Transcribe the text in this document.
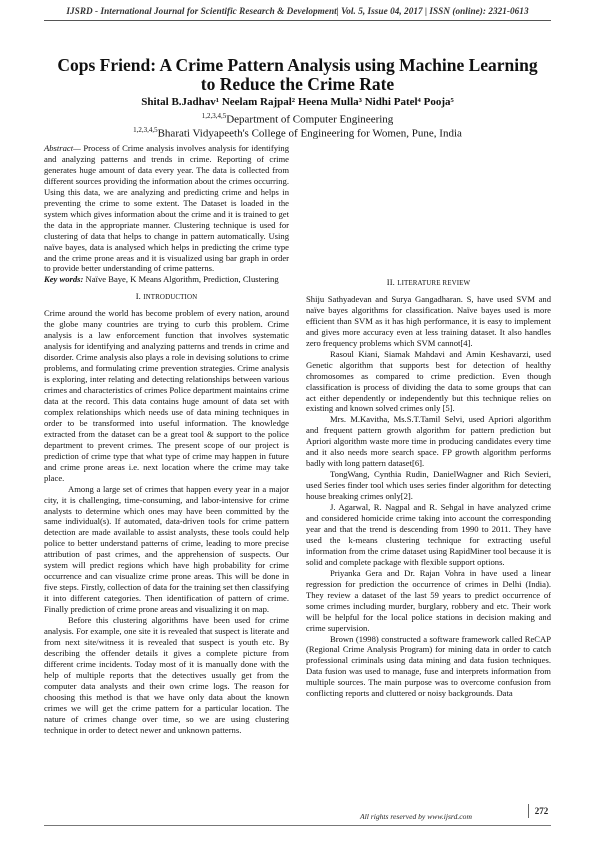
IJSRD - International Journal for Scientific Research & Development| Vol. 5, Issue 04, 2017 | ISSN (online): 2321-0613
Cops Friend: A Crime Pattern Analysis using Machine Learning to Reduce the Crime Rate
Shital B.Jadhav¹ Neelam Rajpal² Heena Mulla³ Nidhi Patel⁴ Pooja⁵
$^{1,2,3,4,5}$Department of Computer Engineering
$^{1,2,3,4,5}$Bharati Vidyapeeth's College of Engineering for Women, Pune, India

Abstract— Process of Crime analysis involves analysis for identifying and analyzing patterns and trends in crime. Reporting of crime generates huge amount of data every year. The data is collected from different sources providing the information about the crimes occurring. Using this data, we are analyzing and predicting crime and helps in preventing the crime to some extent. The Dataset is loaded in the system which gives information about the crime and it is trained to get the data in the appropriate manner. Clustering technique is used for clustering of data that helps to change in pattern automatically. Using naïve bayes, data is analysed which helps in predicting the crime type and the crime prone areas and it is visualized using bar graph in order to provide better understanding of crime patterns.

Key words: Naïve Baye, K Means Algorithm, Prediction, Clustering

I. INTRODUCTION

Crime around the world has become problem of every nation, around the globe many countries are trying to curb this problem. Crime analysis is a law enforcement function that involves systematic analysis for identifying and analyzing patterns and trends in crime and disorder. Crime analysis also plays a role in devising solutions to crime problems, and formulating crime prevention strategies. Crime analysis is exploring, inter relating and detecting relationships between various crimes and characteristics of crimes Police department maintains crime data at the record. This data contains huge amount of data set with complex relationships which needs use of data mining techniques in order to be transformed into useful information. The knowledge extracted from the dataset can be a great tool & support to the police department to prevent crimes. The present scope of our project is prediction of crime type that what type of crime may happen in future and crime prone areas i.e. next location where the crime may take place.

Among a large set of crimes that happen every year in a major city, it is challenging, time-consuming, and labor-intensive for crime analysts to determine which ones may have been committed by the same individual(s). If automated, data-driven tools for crime pattern detection are made available to assist analysts, these tools could help police to better understand patterns of crime, leading to more precise attribution of past crimes, and the apprehension of suspects. Our system will predict regions which have high probability for crime occurrence and can visualize crime prone areas. This will be done in five steps. Firstly, collection of data for the training set then classifying it into different categories. Then identification of pattern of crime. Finally prediction of crime prone areas and visualizing it on map.

Before this clustering algorithms have been used for crime analysis. For example, one site it is revealed that suspect is literate and from next site/witness it is revealed that suspect is youth etc. By describing the offender details it gives a complete picture from different crime incidents. Today most of it is manually done with the help of multiple reports that the detectives usually get from the computer data analysts and their own crime logs. The reason for choosing this method is that we have only data about the known crimes we will get the crime pattern for a particular location. The nature of crimes change over time, so we are using clustering technique in order to detect newer and unknown patterns.

II. LITERATURE REVIEW

Shiju Sathyadevan and Surya Gangadharan. S, have used SVM and naïve bayes algorithms for classification. Naïve bayes used is more efficient than SVM as it has high performance, it is easy to implement and gives more accuracy even at less training dataset. It also handles zero frequency problems which SVM cannot[4].

Rasoul Kiani, Siamak Mahdavi and Amin Keshavarzi, used Genetic algorithm that supports best for detection of healthy chromosomes as compared to crime prediction. Even though classification is process of dividing the data to some groups that can act either dependently or independently but this technique relies on existing and known solved crimes only [5].

Mrs. M.Kavitha, Ms.S.T.Tamil Selvi, used Apriori algorithm and frequent pattern growth algorithm for pattern prediction but Apriori algorithm waste more time in producing candidates every time and it also needs more search space. FP growth algorithm performs badly with long pattern dataset[6].

TongWang, Cynthia Rudin, DanielWagner and Rich Sevieri, used Series finder tool which uses series finder algorithm for detecting house breaking crimes only[2].

J. Agarwal, R. Nagpal and R. Sehgal in have analyzed crime and considered homicide crime taking into account the corresponding year and that the trend is descending from 1990 to 2011. They have used the k-means clustering technique for extracting useful information from the crime dataset using RapidMiner tool because it is solid and complete package with flexible support options.

Priyanka Gera and Dr. Rajan Vohra in have used a linear regression for prediction the occurrence of crimes in Delhi (India). They review a dataset of the last 59 years to predict occurrence of some crimes including murder, burglary, robbery and etc. Their work will be helpful for the local police stations in decision making and crime supervision.

Brown (1998) constructed a software framework called ReCAP (Regional Crime Analysis Program) for mining data in order to catch professional criminals using data mining and data fusion techniques. Data fusion was used to manage, fuse and interprets information from multiple sources. The main purpose was to overcome confusion from conflicting reports and cluttered or noisy backgrounds. Data

All rights reserved by www.ijsrd.com
272
